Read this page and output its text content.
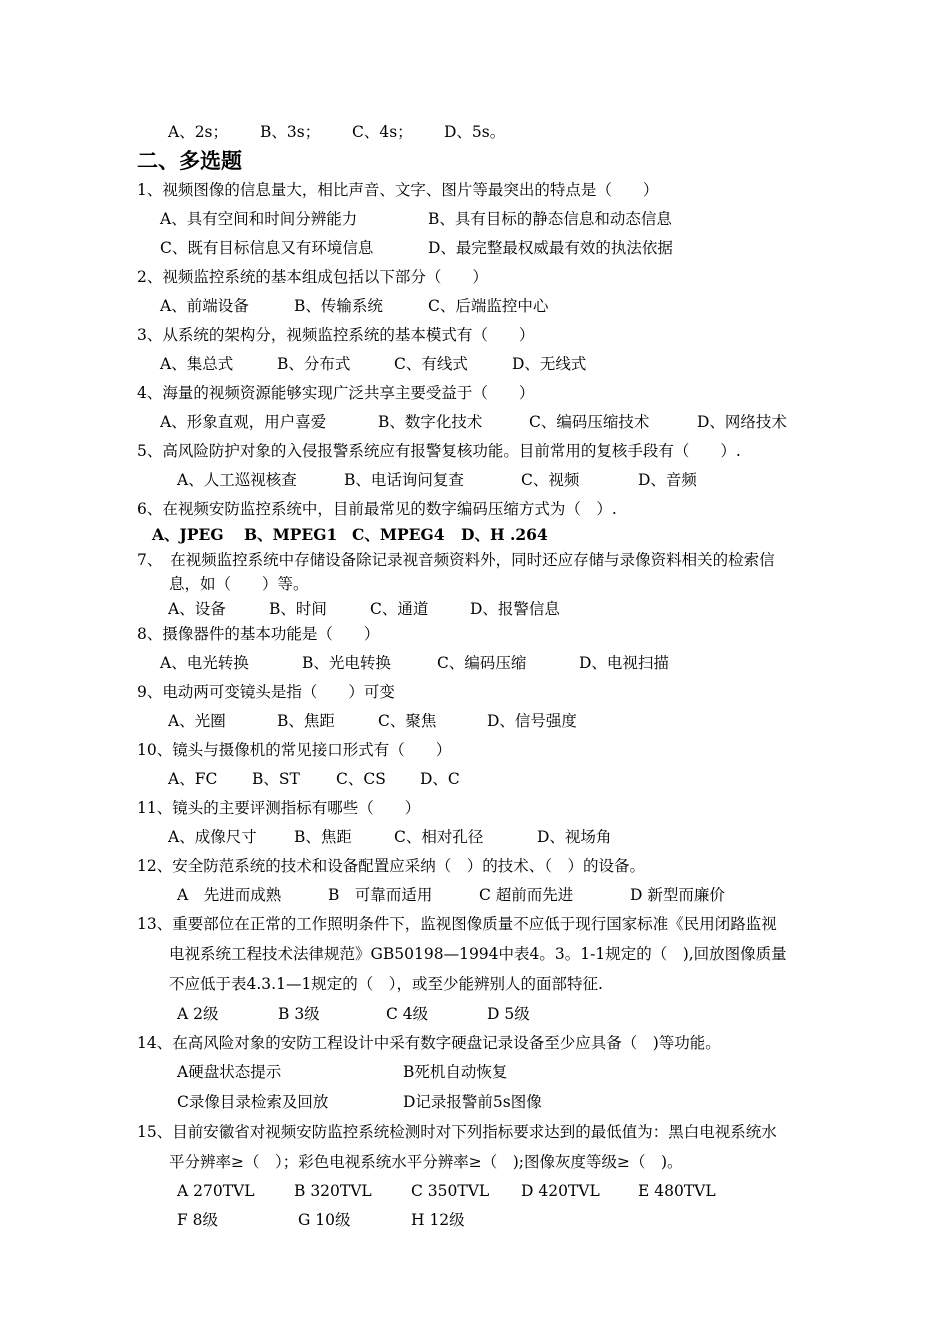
A、2s； B、3s； C、4s； D、5s。
二、多选题
1、视频图像的信息量大，相比声音、文字、图片等最突出的特点是（　　）
A、具有空间和时间分辨能力	B、具有目标的静态信息和动态信息
C、既有目标信息又有环境信息	D、最完整最权威最有效的执法依据
2、视频监控系统的基本组成包括以下部分（　　）
A、前端设备	B、传输系统	C、后端监控中心
3、从系统的架构分，视频监控系统的基本模式有（　　）
A、集总式	B、分布式	C、有线式	D、无线式
4、海量的视频资源能够实现广泛共享主要受益于（　　）
A、形象直观，用户喜爱	B、数字化技术	C、编码压缩技术	D、网络技术
5、高风险防护对象的入侵报警系统应有报警复核功能。目前常用的复核手段有（　　）.
A、人工巡视核查	B、电话询问复查	C、视频	D、音频
6、在视频安防监控系统中，目前最常见的数字编码压缩方式为（　）.
A、JPEG B、MPEG1 C、MPEG4 D、H .264
7、　在视频监控系统中存储设备除记录视音频资料外，同时还应存储与录像资料相关的检索信
息，如（　　）等。
A、设备	B、时间	C、通道	D、报警信息
8、摄像器件的基本功能是（　　）
A、电光转换	B、光电转换	C、编码压缩	D、电视扫描
9、电动两可变镜头是指（　　）可变
A、光圈	B、焦距	C、聚焦	D、信号强度
10、镜头与摄像机的常见接口形式有（　　）
A、FC B、ST C、CS D、C
11、镜头的主要评测指标有哪些（　　）
A、成像尺寸 B、焦距	C、相对孔径	D、视场角
12、安全防范系统的技术和设备配置应采纳（　）的技术、（　）的设备。
A　先进而成熟	B　可靠而适用	C 超前而先进	D 新型而廉价
13、重要部位在正常的工作照明条件下，监视图像质量不应低于现行国家标准《民用闭路监视
电视系统工程技术法律规范》GB50198—1994中表4。3。1-1规定的（　),回放图像质量
不应低于表4.3.1—1规定的（　），或至少能辨别人的面部特征.
A 2级	B 3级	C 4级	D 5级
14、在高风险对象的安防工程设计中采有数字硬盘记录设备至少应具备（　)等功能。
A硬盘状态提示	B死机自动恢复
C录像目录检索及回放	D记录报警前5s图像
15、目前安徽省对视频安防监控系统检测时对下列指标要求达到的最低值为：黑白电视系统水
平分辨率≥（　）；彩色电视系统水平分辨率≥（　);图像灰度等级≥（　)。
A 270TVL	B 320TVL	C 350TVL D 420TVL E 480TVL
F 8级	G 10级	H 12级
